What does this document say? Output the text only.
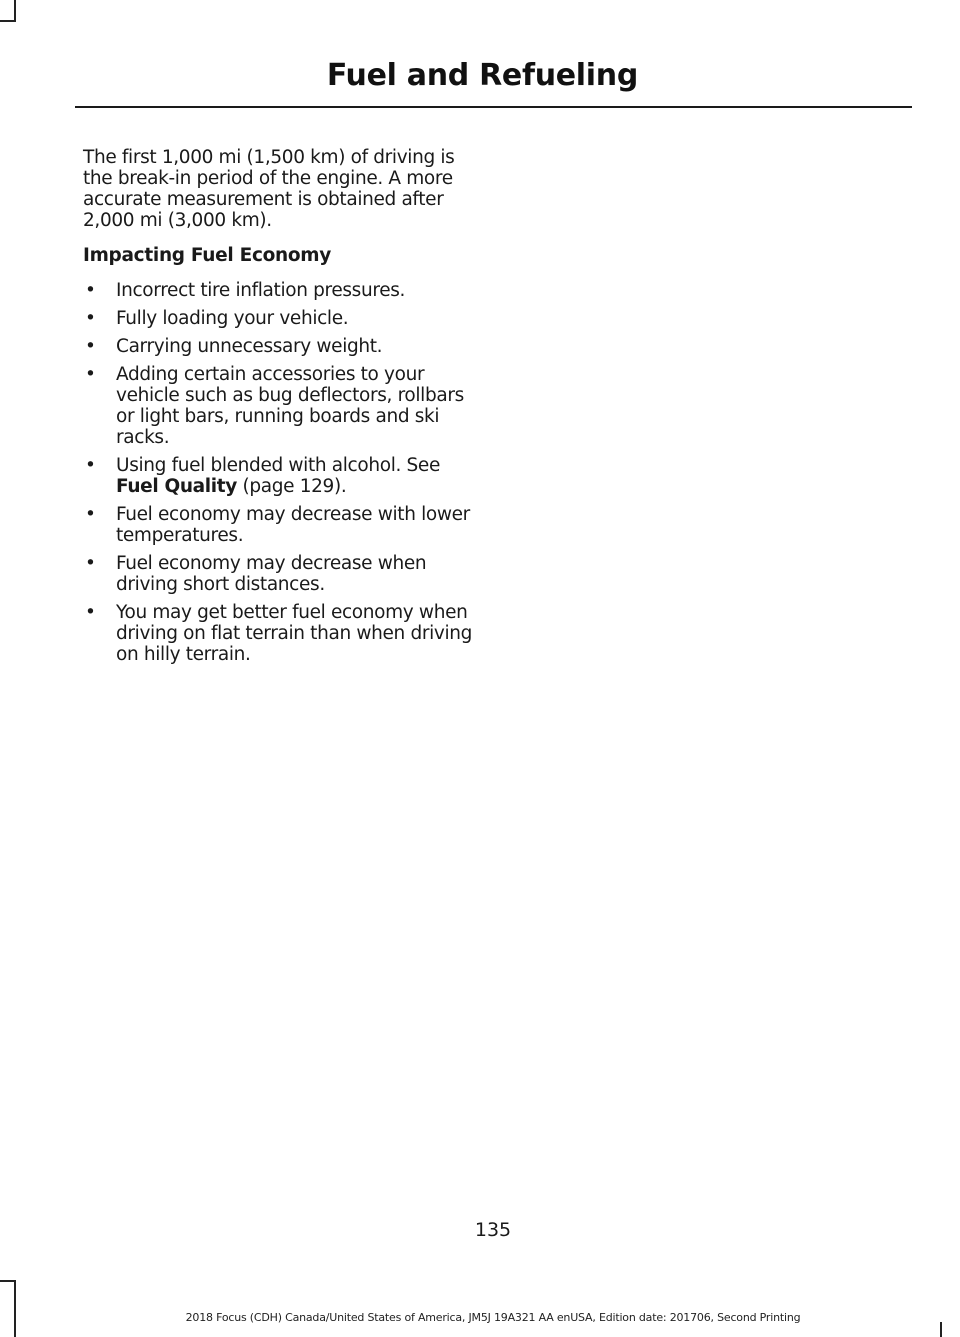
Fuel and Refueling

The first 1,000 mi (1,500 km) of driving is the break-in period of the engine. A more accurate measurement is obtained after 2,000 mi (3,000 km).

Impacting Fuel Economy

• Incorrect tire inflation pressures.
• Fully loading your vehicle.
• Carrying unnecessary weight.
• Adding certain accessories to your vehicle such as bug deflectors, rollbars or light bars, running boards and ski racks.
• Using fuel blended with alcohol. See Fuel Quality (page 129).
• Fuel economy may decrease with lower temperatures.
• Fuel economy may decrease when driving short distances.
• You may get better fuel economy when driving on flat terrain than when driving on hilly terrain.
135
2018 Focus (CDH) Canada/United States of America, JM5J 19A321 AA enUSA, Edition date: 201706, Second Printing
